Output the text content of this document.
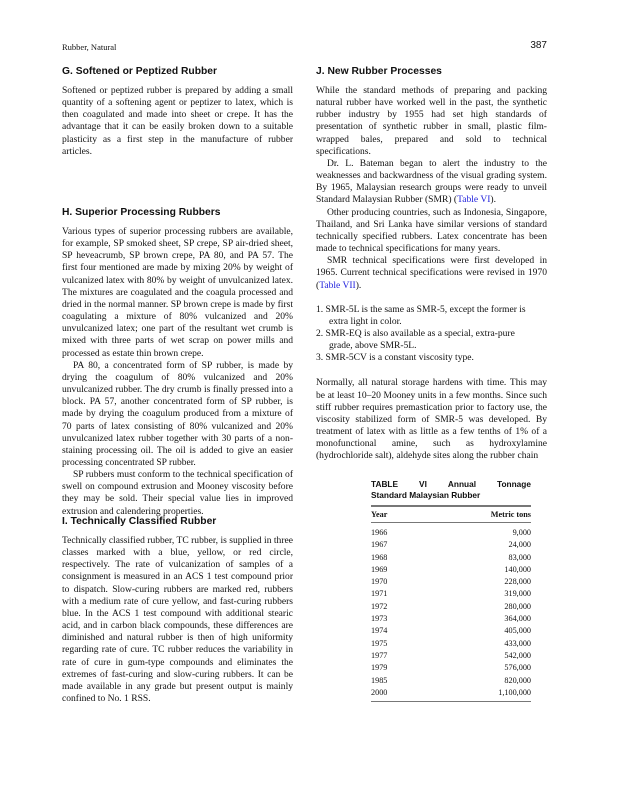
Rubber, Natural	387
G. Softened or Peptized Rubber

Softened or peptized rubber is prepared by adding a small quantity of a softening agent or peptizer to latex, which is then coagulated and made into sheet or crepe. It has the advantage that it can be easily broken down to a suitable plasticity as a first step in the manufacture of rubber articles.

H. Superior Processing Rubbers

Various types of superior processing rubbers are available, for example, SP smoked sheet, SP crepe, SP air-dried sheet, SP heveacrumb, SP brown crepe, PA 80, and PA 57. The first four mentioned are made by mixing 20% by weight of vulcanized latex with 80% by weight of unvulcanized latex. The mixtures are coagulated and the coagula processed and dried in the normal manner. SP brown crepe is made by first coagulating a mixture of 80% vulcanized and 20% unvulcanized latex; one part of the resultant wet crumb is mixed with three parts of wet scrap on power mills and processed as estate thin brown crepe.

PA 80, a concentrated form of SP rubber, is made by drying the coagulum of 80% vulcanized and 20% unvulcanized rubber. The dry crumb is finally pressed into a block. PA 57, another concentrated form of SP rubber, is made by drying the coagulum produced from a mixture of 70 parts of latex consisting of 80% vulcanized and 20% unvulcanized latex rubber together with 30 parts of a non-staining processing oil. The oil is added to give an easier processing concentrated SP rubber.

SP rubbers must conform to the technical specification of swell on compound extrusion and Mooney viscosity before they may be sold. Their special value lies in improved extrusion and calendering properties.

I. Technically Classified Rubber

Technically classified rubber, TC rubber, is supplied in three classes marked with a blue, yellow, or red circle, respectively. The rate of vulcanization of samples of a consignment is measured in an ACS 1 test compound prior to dispatch. Slow-curing rubbers are marked red, rubbers with a medium rate of cure yellow, and fast-curing rubbers blue. In the ACS 1 test compound with additional stearic acid, and in carbon black compounds, these differences are diminished and natural rubber is then of high uniformity regarding rate of cure. TC rubber reduces the variability in rate of cure in gum-type compounds and eliminates the extremes of fast-curing and slow-curing rubbers. It can be made available in any grade but present output is mainly confined to No. 1 RSS.

J. New Rubber Processes

While the standard methods of preparing and packing natural rubber have worked well in the past, the synthetic rubber industry by 1955 had set high standards of presentation of synthetic rubber in small, plastic film-wrapped bales, prepared and sold to technical specifications.

Dr. L. Bateman began to alert the industry to the weaknesses and backwardness of the visual grading system. By 1965, Malaysian research groups were ready to unveil Standard Malaysian Rubber (SMR) (Table VI).

Other producing countries, such as Indonesia, Singapore, Thailand, and Sri Lanka have similar versions of standard technically specified rubbers. Latex concentrate has been made to technical specifications for many years.

SMR technical specifications were first developed in 1965. Current technical specifications were revised in 1970 (Table VII).

1. SMR-5L is the same as SMR-5, except the former is extra light in color.
2. SMR-EQ is also available as a special, extra-pure grade, above SMR-5L.
3. SMR-5CV is a constant viscosity type.

Normally, all natural storage hardens with time. This may be at least 10–20 Mooney units in a few months. Since such stiff rubber requires premastication prior to factory use, the viscosity stabilized form of SMR-5 was developed. By treatment of latex with as little as a few tenths of 1% of a monofunctional amine, such as hydroxylamine (hydrochloride salt), aldehyde sites along the rubber chain

TABLE	VI	Annual	Tonnage
Standard Malaysian Rubber
Year	Metric tons
1966	9,000
1967	24,000
1968	83,000
1969	140,000
1970	228,000
1971	319,000
1972	280,000
1973	364,000
1974	405,000
1975	433,000
1977	542,000
1979	576,000
1985	820,000
2000	1,100,000
